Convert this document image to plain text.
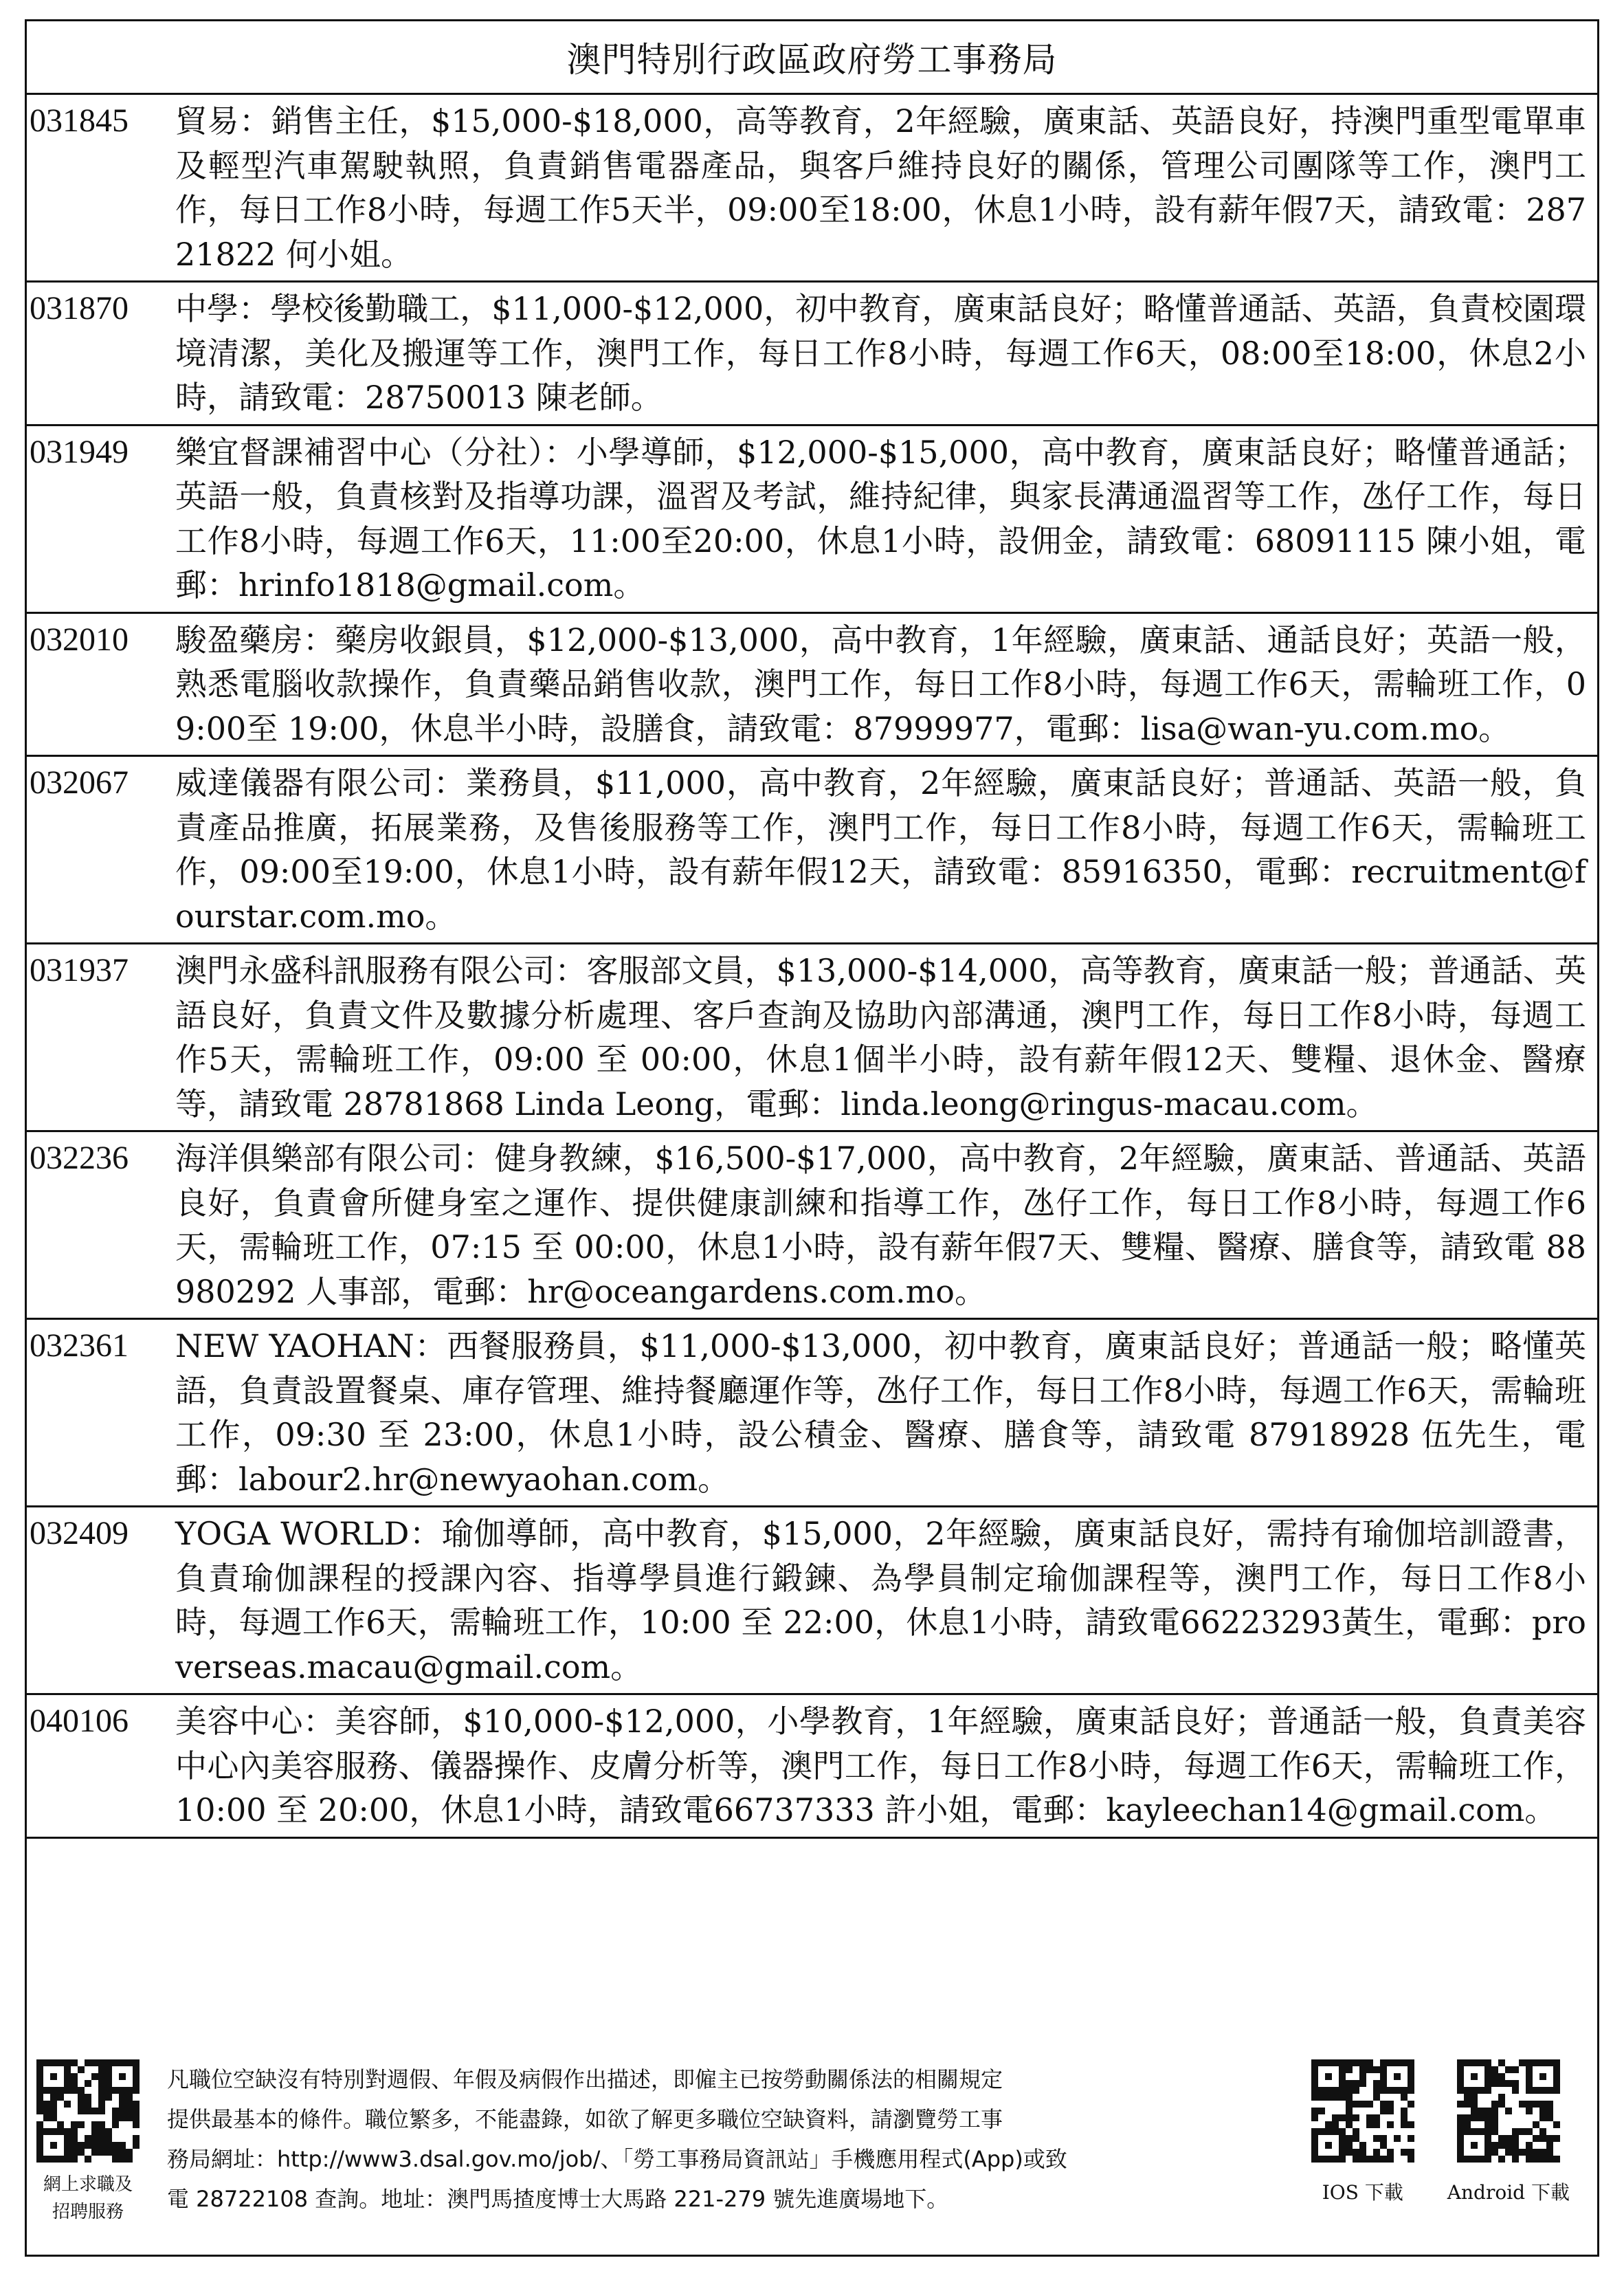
澳門特別行政區政府勞工事務局
031845	貿易：銷售主任，$15,000-$18,000，高等教育，2年經驗，廣東話、英語良好，持澳門重型電單車及輕型汽車駕駛執照，負責銷售電器產品，與客戶維持良好的關係，管理公司團隊等工作，澳門工作，每日工作8小時，每週工作5天半，09:00至18:00，休息1小時，設有薪年假7天，請致電：28721822 何小姐。
031870	中學：學校後勤職工，$11,000-$12,000，初中教育，廣東話良好；略懂普通話、英語，負責校園環境清潔，美化及搬運等工作，澳門工作，每日工作8小時，每週工作6天，08:00至18:00，休息2小時，請致電：28750013 陳老師。
031949	樂宜督課補習中心（分社）：小學導師，$12,000-$15,000，高中教育，廣東話良好；略懂普通話；英語一般，負責核對及指導功課，溫習及考試，維持紀律，與家長溝通溫習等工作，氹仔工作，每日工作8小時，每週工作6天，11:00至20:00，休息1小時，設佣金，請致電：68091115 陳小姐，電郵：hrinfo1818@gmail.com。
032010	駿盈藥房：藥房收銀員，$12,000-$13,000，高中教育，1年經驗，廣東話、通話良好；英語一般，熟悉電腦收款操作，負責藥品銷售收款，澳門工作，每日工作8小時，每週工作6天，需輪班工作，09:00至 19:00，休息半小時，設膳食，請致電：87999977，電郵：lisa@wan-yu.com.mo。
032067	威達儀器有限公司：業務員，$11,000，高中教育，2年經驗，廣東話良好；普通話、英語一般，負責產品推廣，拓展業務，及售後服務等工作，澳門工作，每日工作8小時，每週工作6天，需輪班工作，09:00至19:00，休息1小時，設有薪年假12天，請致電：85916350，電郵：recruitment@fourstar.com.mo。
031937	澳門永盛科訊服務有限公司：客服部文員，$13,000-$14,000，高等教育，廣東話一般；普通話、英語良好，負責文件及數據分析處理、客戶查詢及協助內部溝通，澳門工作，每日工作8小時，每週工作5天，需輪班工作，09:00 至 00:00，休息1個半小時，設有薪年假12天、雙糧、退休金、醫療等，請致電 28781868 Linda Leong，電郵：linda.leong@ringus-macau.com。
032236	海洋俱樂部有限公司：健身教練，$16,500-$17,000，高中教育，2年經驗，廣東話、普通話、英語良好，負責會所健身室之運作、提供健康訓練和指導工作，氹仔工作，每日工作8小時，每週工作6天，需輪班工作，07:15 至 00:00，休息1小時，設有薪年假7天、雙糧、醫療、膳食等，請致電 88980292 人事部，電郵：hr@oceangardens.com.mo。
032361	NEW YAOHAN：西餐服務員，$11,000-$13,000，初中教育，廣東話良好；普通話一般；略懂英語，負責設置餐桌、庫存管理、維持餐廳運作等，氹仔工作，每日工作8小時，每週工作6天，需輪班工作，09:30 至 23:00，休息1小時，設公積金、醫療、膳食等，請致電 87918928 伍先生，電郵：labour2.hr@newyaohan.com。
032409	YOGA WORLD：瑜伽導師，高中教育，$15,000，2年經驗，廣東話良好，需持有瑜伽培訓證書，負責瑜伽課程的授課內容、指導學員進行鍛鍊、為學員制定瑜伽課程等，澳門工作，每日工作8小時，每週工作6天，需輪班工作，10:00 至 22:00，休息1小時，請致電66223293黃生，電郵：proverseas.macau@gmail.com。
040106	美容中心：美容師，$10,000-$12,000，小學教育，1年經驗，廣東話良好；普通話一般，負責美容中心內美容服務、儀器操作、皮膚分析等，澳門工作，每日工作8小時，每週工作6天，需輪班工作，10:00 至 20:00，休息1小時，請致電66737333 許小姐，電郵：kayleechan14@gmail.com。
網上求職及
招聘服務
凡職位空缺沒有特別對週假、年假及病假作出描述，即僱主已按勞動關係法的相關規定
提供最基本的條件。職位繁多，不能盡錄，如欲了解更多職位空缺資料，請瀏覽勞工事
務局網址：http://www3.dsal.gov.mo/job/、「勞工事務局資訊站」手機應用程式(App)或致
電 28722108 查詢。地址：澳門馬揸度博士大馬路 221-279 號先進廣場地下。	IOS 下載 Android 下載
